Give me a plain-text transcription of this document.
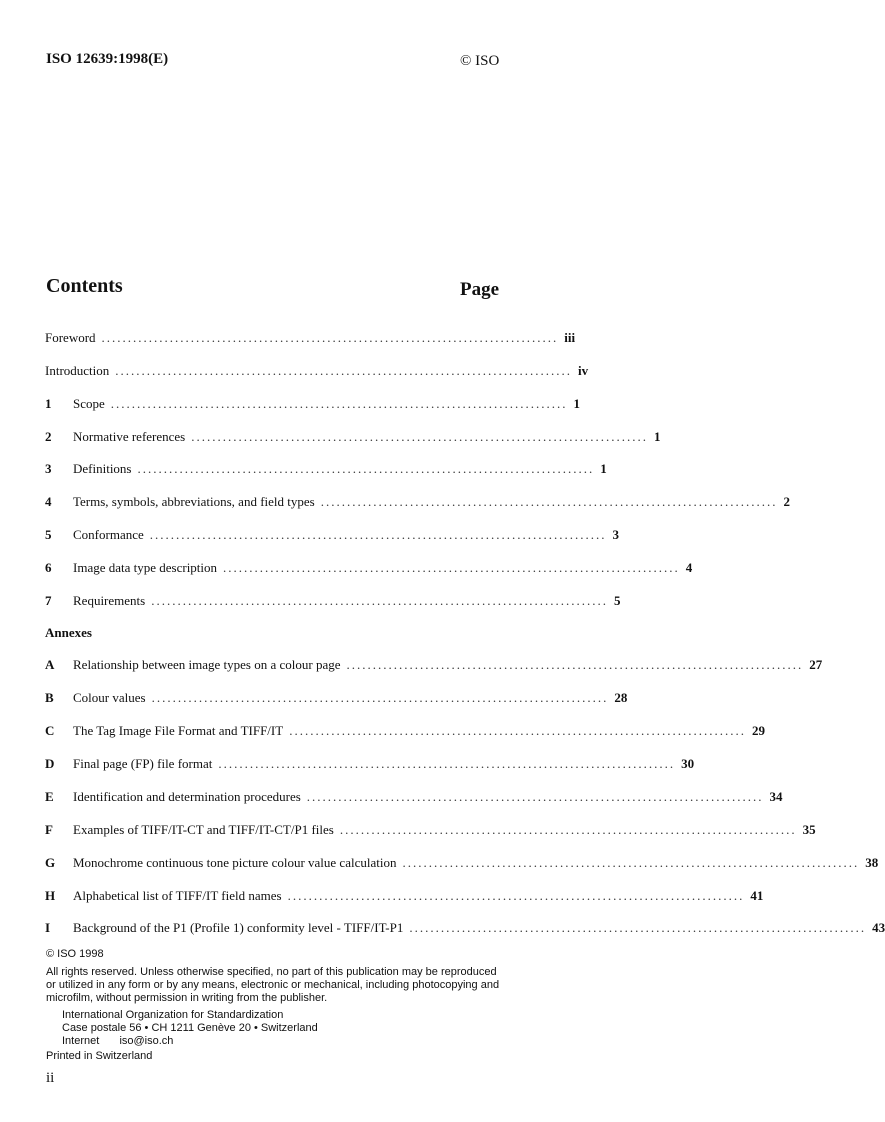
ISO 12639:1998(E)	© ISO
Contents	Page
Foreword ....................................................................................... iii
Introduction ....................................................................................... iv
1	Scope ....................................................................................... 1
2	Normative references ....................................................................................... 1
3	Definitions ....................................................................................... 1
4	Terms, symbols, abbreviations, and field types ....................................................................................... 2
5	Conformance ....................................................................................... 3
6	Image data type description ....................................................................................... 4
7	Requirements ....................................................................................... 5
Annexes
A	Relationship between image types on a colour page ....................................................................................... 27
B	Colour values ....................................................................................... 28
C	The Tag Image File Format and TIFF/IT ....................................................................................... 29
D	Final page (FP) file format ....................................................................................... 30
E	Identification and determination procedures ....................................................................................... 34
F	Examples of TIFF/IT-CT and TIFF/IT-CT/P1 files ....................................................................................... 35
G	Monochrome continuous tone picture colour value calculation ....................................................................................... 38
H	Alphabetical list of TIFF/IT field names ....................................................................................... 41
I	Background of the P1 (Profile 1) conformity level - TIFF/IT-P1 ....................................................................................... 43
© ISO 1998
All rights reserved. Unless otherwise specified, no part of this publication may be reproduced or utilized in any form or by any means, electronic or mechanical, including photocopying and microfilm, without permission in writing from the publisher.
International Organization for Standardization
Case postale 56 • CH 1211 Genève 20 • Switzerland
Internet iso@iso.ch
Printed in Switzerland
ii
